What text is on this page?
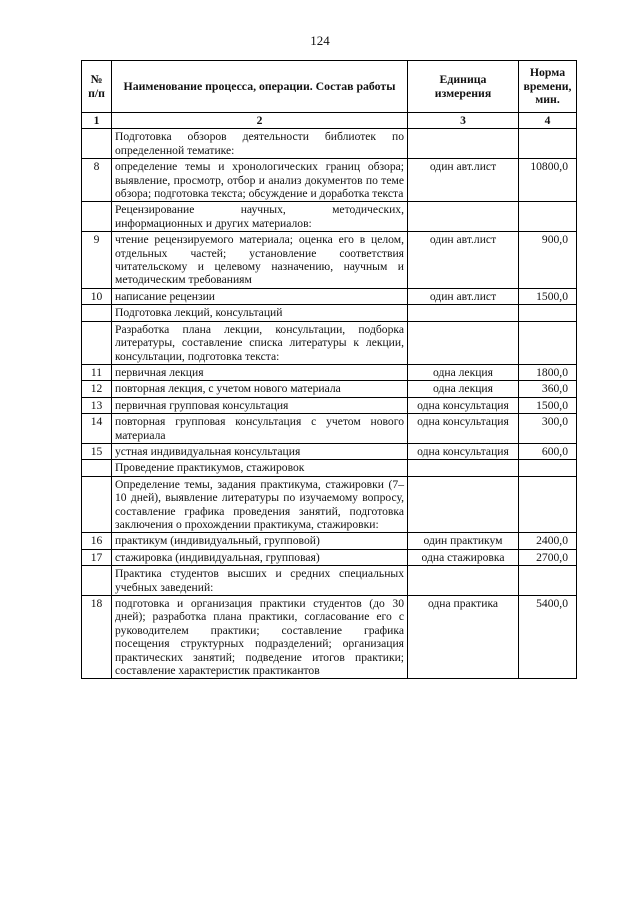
124
№ п/п	Наименование процесса, операции. Состав работы	Единица измерения	Норма времени, мин.
1	2	3	4
	Подготовка обзоров деятельности библиотек по определенной тематике:		
8	определение темы и хронологических границ обзора; выявление, просмотр, отбор и анализ документов по теме обзора; подготовка текста; обсуждение и доработка текста	один авт.лист	10800,0
	Рецензирование научных, методических, информационных и других материалов:		
9	чтение рецензируемого материала; оценка его в целом, отдельных частей; установление соответствия читательскому и целевому назначению, научным и методическим требованиям	один авт.лист	900,0
10	написание рецензии	один авт.лист	1500,0
	Подготовка лекций, консультаций		
	Разработка плана лекции, консультации, подборка литературы, составление списка литературы к лекции, консультации, подготовка текста:		
11	первичная лекция	одна лекция	1800,0
12	повторная лекция, с учетом нового материала	одна лекция	360,0
13	первичная групповая консультация	одна консультация	1500,0
14	повторная групповая консультация с учетом нового материала	одна консультация	300,0
15	устная индивидуальная консультация	одна консультация	600,0
	Проведение практикумов, стажировок		
	Определение темы, задания практикума, стажировки (7–10 дней), выявление литературы по изучаемому вопросу, составление графика проведения занятий, подготовка заключения о прохождении практикума, стажировки:		
16	практикум (индивидуальный, групповой)	один практикум	2400,0
17	стажировка (индивидуальная, групповая)	одна стажировка	2700,0
	Практика студентов высших и средних специальных учебных заведений:		
18	подготовка и организация практики студентов (до 30 дней); разработка плана практики, согласование его с руководителем практики; составление графика посещения структурных подразделений; организация практических занятий; подведение итогов практики; составление характеристик практикантов	одна практика	5400,0
